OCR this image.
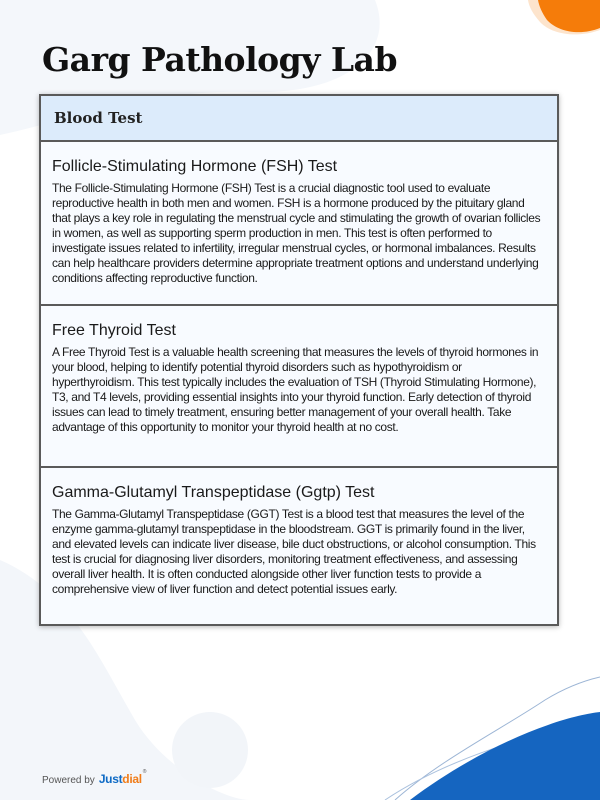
Garg Pathology Lab
Blood Test
Follicle-Stimulating Hormone (FSH) Test

The Follicle-Stimulating Hormone (FSH) Test is a crucial diagnostic tool used to evaluate reproductive health in both men and women. FSH is a hormone produced by the pituitary gland that plays a key role in regulating the menstrual cycle and stimulating the growth of ovarian follicles in women, as well as supporting sperm production in men. This test is often performed to investigate issues related to infertility, irregular menstrual cycles, or hormonal imbalances. Results can help healthcare providers determine appropriate treatment options and understand underlying conditions affecting reproductive function.

Free Thyroid Test

A Free Thyroid Test is a valuable health screening that measures the levels of thyroid hormones in your blood, helping to identify potential thyroid disorders such as hypothyroidism or hyperthyroidism. This test typically includes the evaluation of TSH (Thyroid Stimulating Hormone), T3, and T4 levels, providing essential insights into your thyroid function. Early detection of thyroid issues can lead to timely treatment, ensuring better management of your overall health. Take advantage of this opportunity to monitor your thyroid health at no cost.

Gamma-Glutamyl Transpeptidase (Ggtp) Test

The Gamma-Glutamyl Transpeptidase (GGT) Test is a blood test that measures the level of the enzyme gamma-glutamyl transpeptidase in the bloodstream. GGT is primarily found in the liver, and elevated levels can indicate liver disease, bile duct obstructions, or alcohol consumption. This test is crucial for diagnosing liver disorders, monitoring treatment effectiveness, and assessing overall liver health. It is often conducted alongside other liver function tests to provide a comprehensive view of liver function and detect potential issues early.

Powered by Justdial®
